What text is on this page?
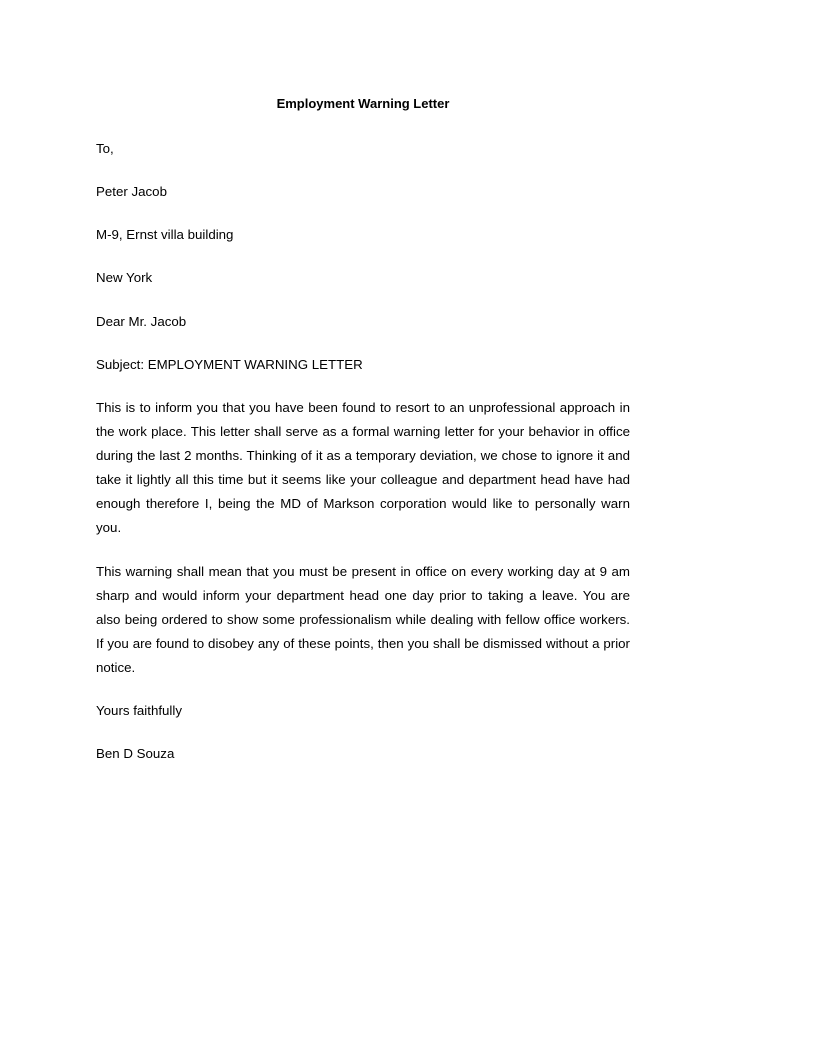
Employment Warning Letter
To,
Peter Jacob
M-9, Ernst villa building
New York
Dear Mr. Jacob
Subject: EMPLOYMENT WARNING LETTER
This is to inform you that you have been found to resort to an unprofessional approach in the work place. This letter shall serve as a formal warning letter for your behavior in office during the last 2 months. Thinking of it as a temporary deviation, we chose to ignore it and take it lightly all this time but it seems like your colleague and department head have had enough therefore I, being the MD of Markson corporation would like to personally warn you.
This warning shall mean that you must be present in office on every working day at 9 am sharp and would inform your department head one day prior to taking a leave. You are also being ordered to show some professionalism while dealing with fellow office workers. If you are found to disobey any of these points, then you shall be dismissed without a prior notice.
Yours faithfully
Ben D Souza
